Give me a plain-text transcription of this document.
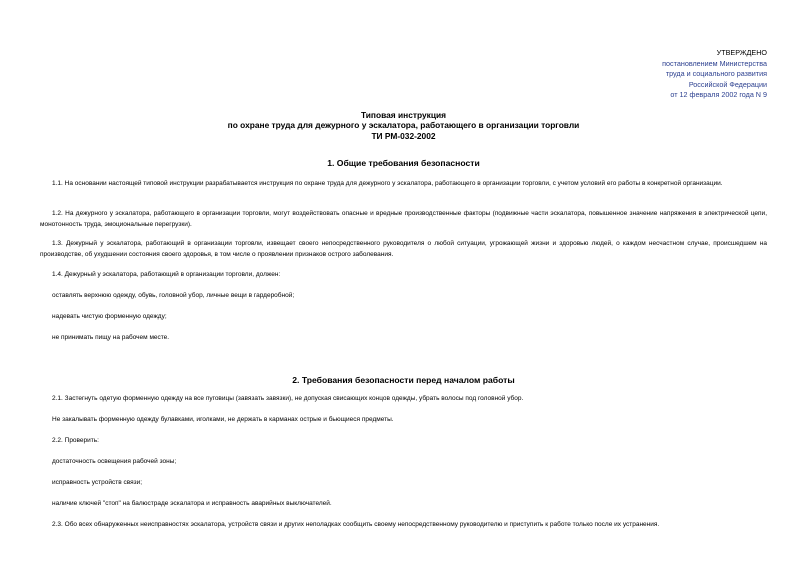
УТВЕРЖДЕНО
постановлением Министерства
труда и социального развития
Российской Федерации
от 12 февраля 2002 года N 9
Типовая инструкция
по охране труда для дежурного у эскалатора, работающего в организации торговли
ТИ РМ-032-2002
1. Общие требования безопасности
1.1. На основании настоящей типовой инструкции разрабатывается инструкция по охране труда для дежурного у эскалатора, работающего в организации торговли, с учетом условий его работы в конкретной организации.
1.2. На дежурного у эскалатора, работающего в организации торговли, могут воздействовать опасные и вредные производственные факторы (подвижные части эскалатора, повышенное значение напряжения в электрической цепи, монотонность труда, эмоциональные перегрузки).
1.3. Дежурный у эскалатора, работающий в организации торговли, извещает своего непосредственного руководителя о любой ситуации, угрожающей жизни и здоровью людей, о каждом несчастном случае, происшедшем на производстве, об ухудшении состояния своего здоровья, в том числе о проявлении признаков острого заболевания.
1.4. Дежурный у эскалатора, работающий в организации торговли, должен:
оставлять верхнюю одежду, обувь, головной убор, личные вещи в гардеробной;
надевать чистую форменную одежду;
не принимать пищу на рабочем месте.
2. Требования безопасности перед началом работы
2.1. Застегнуть одетую форменную одежду на все пуговицы (завязать завязки), не допуская свисающих концов одежды, убрать волосы под головной убор.
Не закалывать форменную одежду булавками, иголками, не держать в карманах острые и бьющиеся предметы.
2.2. Проверить:
достаточность освещения рабочей зоны;
исправность устройств связи;
наличие ключей "стоп" на балюстраде эскалатора и исправность аварийных выключателей.
2.3. Обо всех обнаруженных неисправностях эскалатора, устройств связи и других неполадках сообщить своему непосредственному руководителю и приступить к работе только после их устранения.
